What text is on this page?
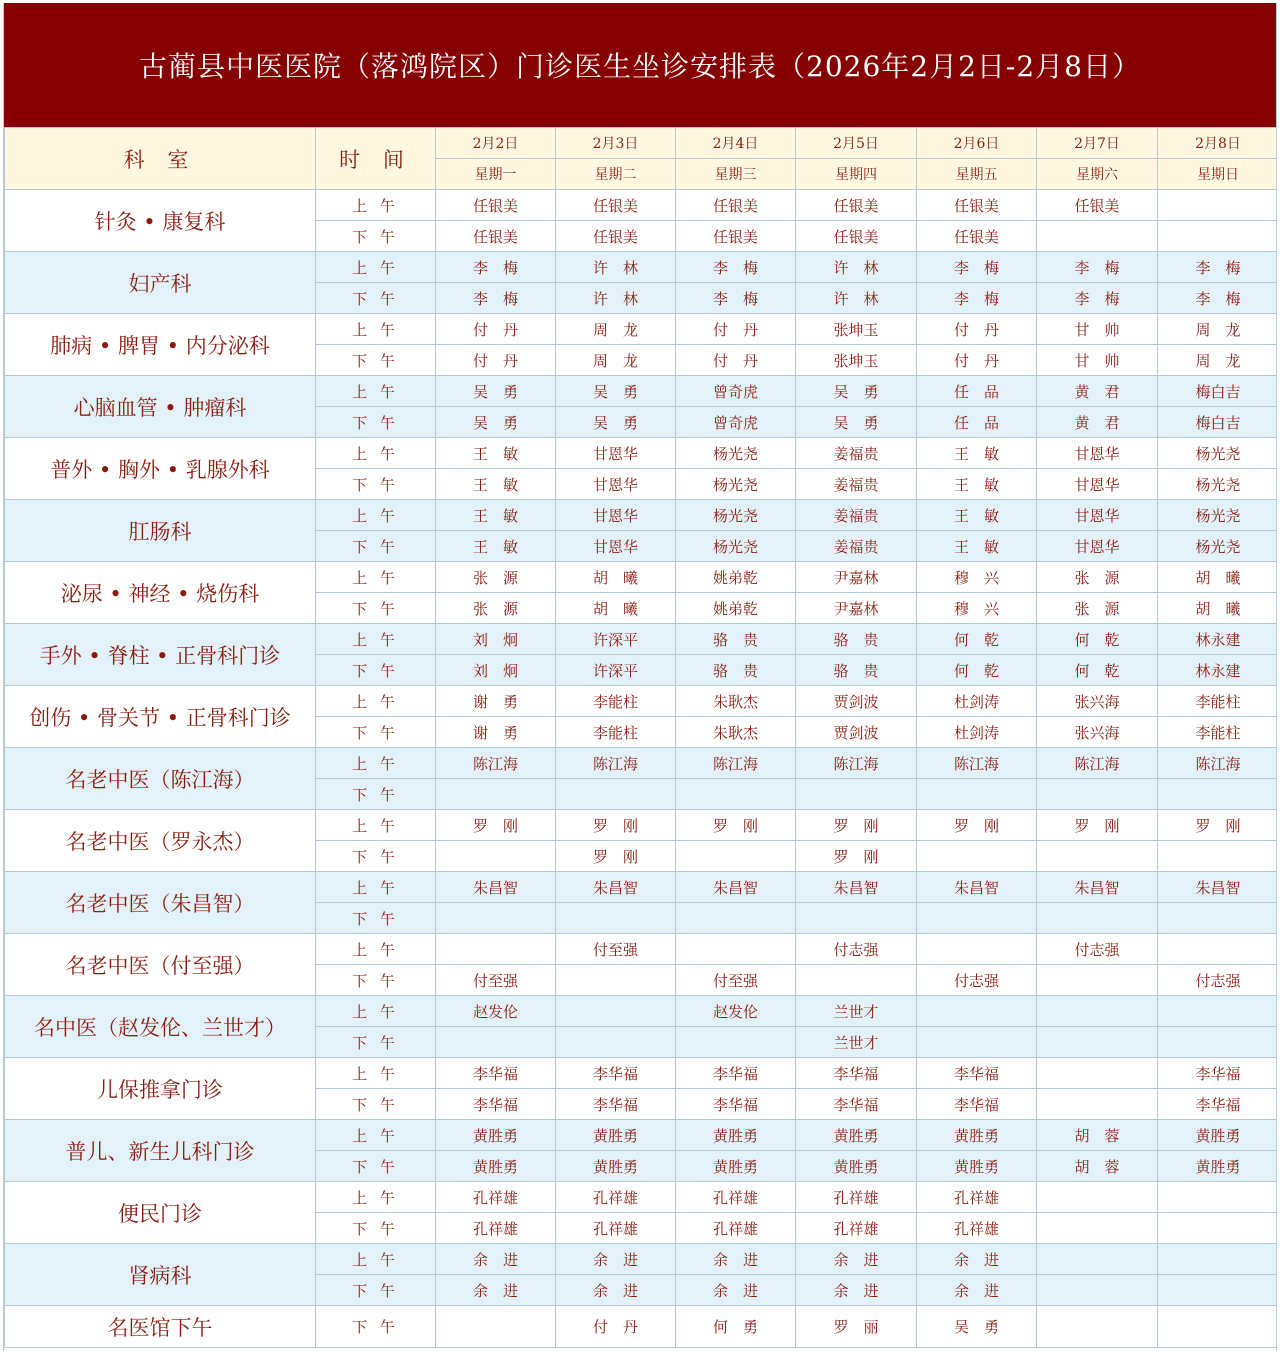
古蔺县中医医院（落鸿院区）门诊医生坐诊安排表（2026年2月2日-2月8日）
科 室	时 间	2月2日	2月3日	2月4日	2月5日	2月6日	2月7日	2月8日
		星期一	星期二	星期三	星期四	星期五	星期六	星期日
针灸 • 康复科	上 午	任银美	任银美	任银美	任银美	任银美	任银美	
	下 午	任银美	任银美	任银美	任银美	任银美		
妇产科	上 午	李　梅	许　林	李　梅	许　林	李　梅	李　梅	李　梅
	下 午	李　梅	许　林	李　梅	许　林	李　梅	李　梅	李　梅
肺病 • 脾胃 • 内分泌科	上 午	付　丹	周　龙	付　丹	张坤玉	付　丹	甘　帅	周　龙
	下 午	付　丹	周　龙	付　丹	张坤玉	付　丹	甘　帅	周　龙
心脑血管 • 肿瘤科	上 午	吴　勇	吴　勇	曾奇虎	吴　勇	任　品	黄　君	梅白吉
	下 午	吴　勇	吴　勇	曾奇虎	吴　勇	任　品	黄　君	梅白吉
普外 • 胸外 • 乳腺外科	上 午	王　敏	甘恩华	杨光尧	姜福贵	王　敏	甘恩华	杨光尧
	下 午	王　敏	甘恩华	杨光尧	姜福贵	王　敏	甘恩华	杨光尧
肛肠科	上 午	王　敏	甘恩华	杨光尧	姜福贵	王　敏	甘恩华	杨光尧
	下 午	王　敏	甘恩华	杨光尧	姜福贵	王　敏	甘恩华	杨光尧
泌尿 • 神经 • 烧伤科	上 午	张　源	胡　曦	姚弟乾	尹嘉林	穆　兴	张　源	胡　曦
	下 午	张　源	胡　曦	姚弟乾	尹嘉林	穆　兴	张　源	胡　曦
手外 • 脊柱 • 正骨科门诊	上 午	刘　炯	许深平	骆　贵	骆　贵	何　乾	何　乾	林永建
	下 午	刘　炯	许深平	骆　贵	骆　贵	何　乾	何　乾	林永建
创伤 • 骨关节 • 正骨科门诊	上 午	谢　勇	李能柱	朱耿杰	贾剑波	杜剑涛	张兴海	李能柱
	下 午	谢　勇	李能柱	朱耿杰	贾剑波	杜剑涛	张兴海	李能柱
名老中医（陈江海）	上 午	陈江海	陈江海	陈江海	陈江海	陈江海	陈江海	陈江海
	下 午							
名老中医（罗永杰）	上 午	罗　刚	罗　刚	罗　刚	罗　刚	罗　刚	罗　刚	罗　刚
	下 午		罗　刚		罗　刚			
名老中医（朱昌智）	上 午	朱昌智	朱昌智	朱昌智	朱昌智	朱昌智	朱昌智	朱昌智
	下 午							
名老中医（付至强）	上 午		付至强		付志强		付志强	
	下 午	付至强		付至强		付志强		付志强
名中医（赵发伦、兰世才）	上 午	赵发伦		赵发伦	兰世才			
	下 午				兰世才			
儿保推拿门诊	上 午	李华福	李华福	李华福	李华福	李华福		李华福
	下 午	李华福	李华福	李华福	李华福	李华福		李华福
普儿、新生儿科门诊	上 午	黄胜勇	黄胜勇	黄胜勇	黄胜勇	黄胜勇	胡　蓉	黄胜勇
	下 午	黄胜勇	黄胜勇	黄胜勇	黄胜勇	黄胜勇	胡　蓉	黄胜勇
便民门诊	上 午	孔祥雄	孔祥雄	孔祥雄	孔祥雄	孔祥雄		
	下 午	孔祥雄	孔祥雄	孔祥雄	孔祥雄	孔祥雄		
肾病科	上 午	余　进	余　进	余　进	余　进	余　进		
	下 午	余　进	余　进	余　进	余　进	余　进		
名医馆下午	下 午		付　丹	何　勇	罗　丽	吴　勇		
